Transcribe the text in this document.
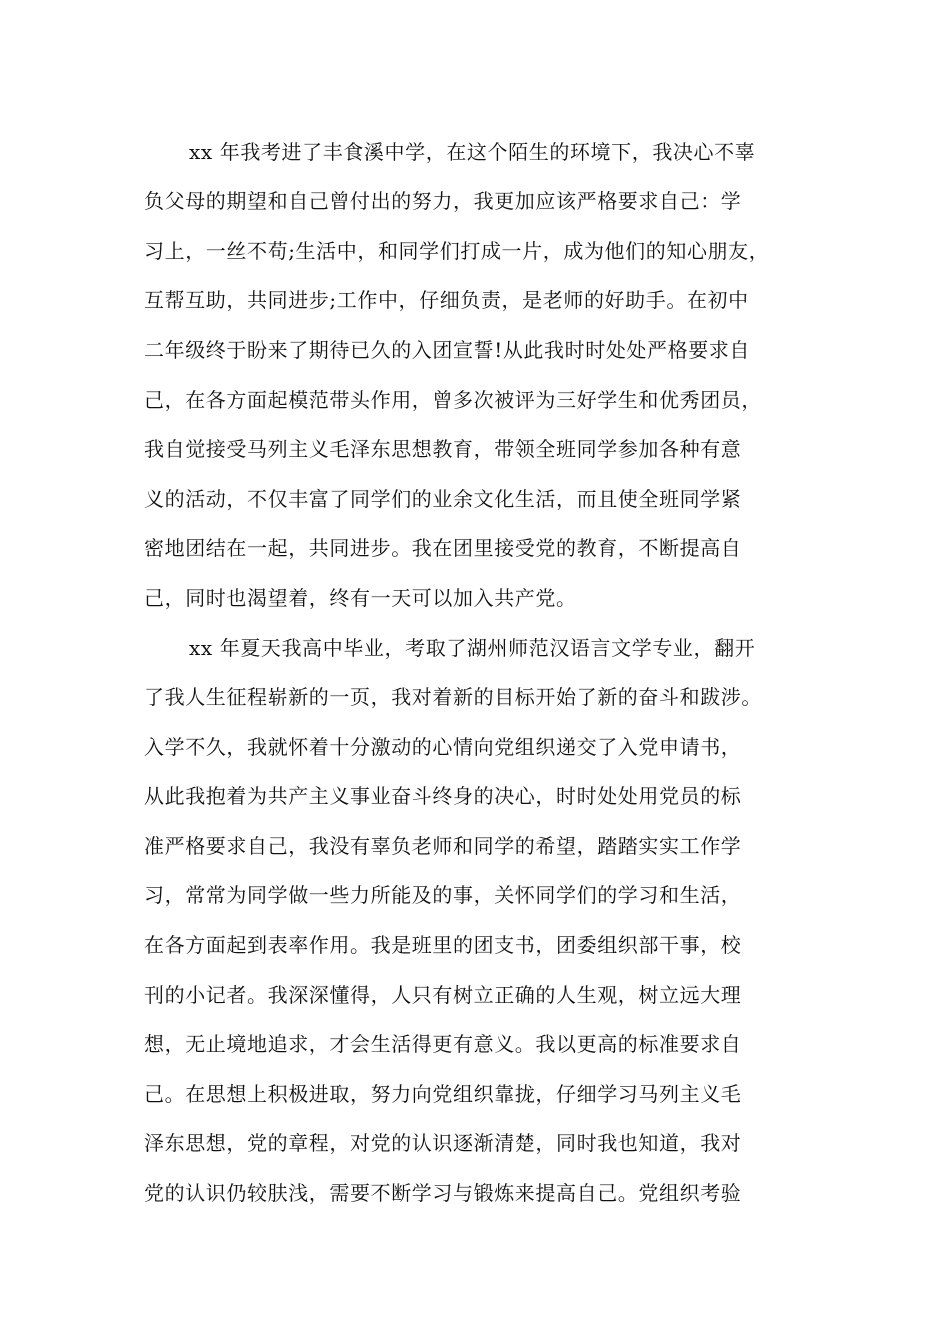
xx 年我考进了丰食溪中学，在这个陌生的环境下，我决心不辜
负父母的期望和自己曾付出的努力，我更加应该严格要求自己：学
习上，一丝不苟;生活中，和同学们打成一片，成为他们的知心朋友，
互帮互助，共同进步;工作中，仔细负责，是老师的好助手。在初中
二年级终于盼来了期待已久的入团宣誓!从此我时时处处严格要求自
己，在各方面起模范带头作用，曾多次被评为三好学生和优秀团员，
我自觉接受马列主义毛泽东思想教育，带领全班同学参加各种有意
义的活动，不仅丰富了同学们的业余文化生活，而且使全班同学紧
密地团结在一起，共同进步。我在团里接受党的教育，不断提高自
己，同时也渴望着，终有一天可以加入共产党。
xx 年夏天我高中毕业，考取了湖州师范汉语言文学专业，翻开
了我人生征程崭新的一页，我对着新的目标开始了新的奋斗和跋涉。
入学不久，我就怀着十分激动的心情向党组织递交了入党申请书，
从此我抱着为共产主义事业奋斗终身的决心，时时处处用党员的标
准严格要求自己，我没有辜负老师和同学的希望，踏踏实实工作学
习，常常为同学做一些力所能及的事，关怀同学们的学习和生活，
在各方面起到表率作用。我是班里的团支书，团委组织部干事，校
刊的小记者。我深深懂得，人只有树立正确的人生观，树立远大理
想，无止境地追求，才会生活得更有意义。我以更高的标准要求自
己。在思想上积极进取，努力向党组织靠拢，仔细学习马列主义毛
泽东思想，党的章程，对党的认识逐渐清楚，同时我也知道，我对
党的认识仍较肤浅，需要不断学习与锻炼来提高自己。党组织考验
